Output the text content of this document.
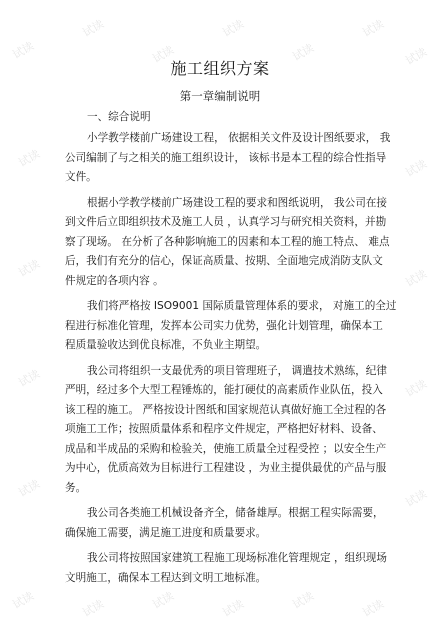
试读
试读
试读
试读
试读
试读
试读
试读	试读
试读	试读
试读	试读
试读	试读
试读	试读	试读	试读	试读	试读
施工组织方案
第一章编制说明
一、综合说明
小学教学楼前广场建设工程， 依据相关文件及设计图纸要求， 我
公司编制了与之相关的施工组织设计， 该标书是本工程的综合性指导
文件。
根据小学教学楼前广场建设工程的要求和图纸说明， 我公司在接
到文件后立即组织技术及施工人员 ，认真学习与研究相关资料，并勘
察了现场。 在分析了各种影响施工的因素和本工程的施工特点、 难点
后，我们有充分的信心，保证高质量、按期、全面地完成消防支队文
件规定的各项内容 。
我们将严格按 ISO9001 国际质量管理体系的要求， 对施工的全过
程进行标准化管理，发挥本公司实力优势，强化计划管理，确保本工
程质量验收达到优良标准，不负业主期望。
我公司将组织一支最优秀的项目管理班子， 调遣技术熟练，纪律
严明，经过多个大型工程锤炼的，能打硬仗的高素质作业队伍，投入
该工程的施工。 严格按设计图纸和国家规范认真做好施工全过程的各
项施工工作；按照质量体系和程序文件规定，严格把好材料、设备、
成品和半成品的采购和检验关，使施工质量全过程受控 ；以安全生产
为中心，优质高效为目标进行工程建设 ，为业主提供最优的产品与服
务。
我公司各类施工机械设备齐全，储备雄厚。根据工程实际需要，
确保施工需要，满足施工进度和质量要求。
我公司将按照国家建筑工程施工现场标准化管理规定 ，组织现场
文明施工，确保本工程达到文明工地标准。
